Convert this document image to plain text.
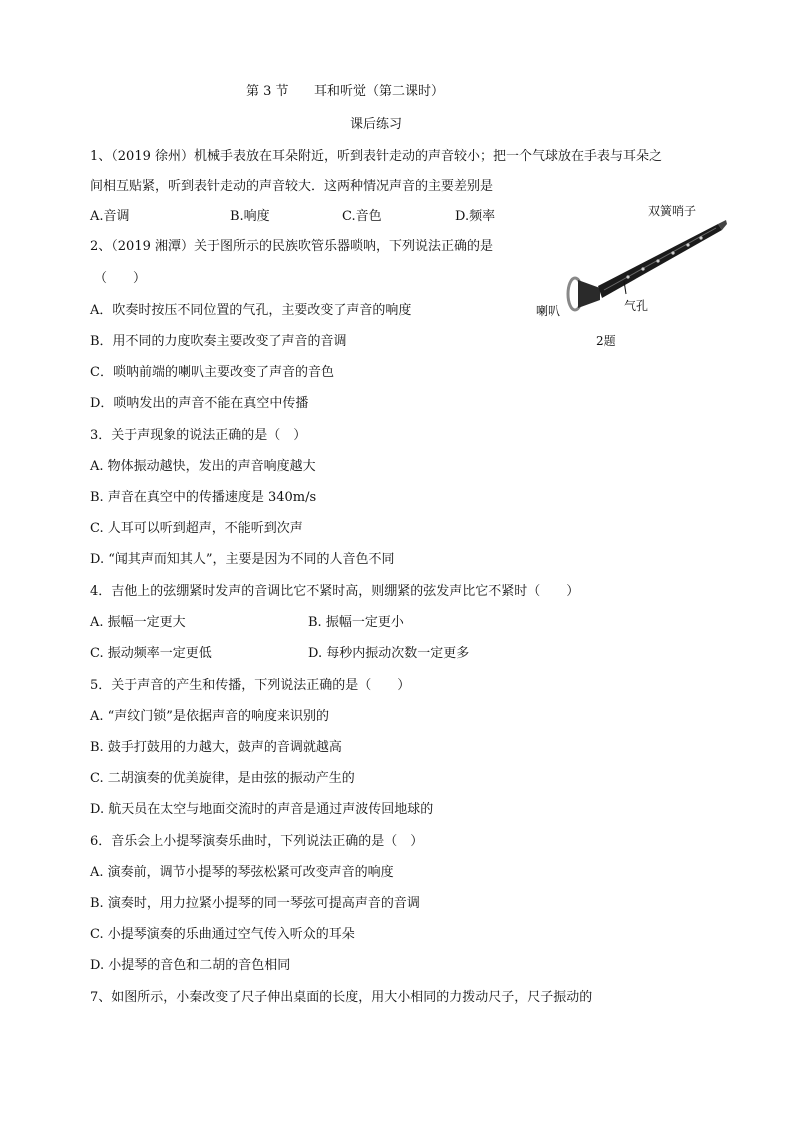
第 3 节 耳和听觉（第二课时）
课后练习
1、（2019 徐州）机械手表放在耳朵附近，听到表针走动的声音较小；把一个气球放在手表与耳朵之
间相互贴紧，听到表针走动的声音较大．这两种情况声音的主要差别是
A.音调	B.响度	C.音色	D.频率
2、（2019 湘潭）关于图所示的民族吹管乐器唢呐，下列说法正确的是
（　　）
A．吹奏时按压不同位置的气孔，主要改变了声音的响度
B．用不同的力度吹奏主要改变了声音的音调
C．唢呐前端的喇叭主要改变了声音的音色
D．唢呐发出的声音不能在真空中传播
双簧哨子
喇叭	气孔
2题
3．关于声现象的说法正确的是（　）
A. 物体振动越快，发出的声音响度越大
B. 声音在真空中的传播速度是 340m/s
C. 人耳可以听到超声，不能听到次声
D. “闻其声而知其人”，主要是因为不同的人音色不同
4．吉他上的弦绷紧时发声的音调比它不紧时高，则绷紧的弦发声比它不紧时（　　）
A. 振幅一定更大	B. 振幅一定更小
C. 振动频率一定更低	D. 每秒内振动次数一定更多
5．关于声音的产生和传播，下列说法正确的是（　　）
A. “声纹门锁”是依据声音的响度来识别的
B. 鼓手打鼓用的力越大，鼓声的音调就越高
C. 二胡演奏的优美旋律，是由弦的振动产生的
D. 航天员在太空与地面交流时的声音是通过声波传回地球的
6．音乐会上小提琴演奏乐曲时，下列说法正确的是（　）
A. 演奏前，调节小提琴的琴弦松紧可改变声音的响度
B. 演奏时，用力拉紧小提琴的同一琴弦可提高声音的音调
C. 小提琴演奏的乐曲通过空气传入听众的耳朵
D. 小提琴的音色和二胡的音色相同
7、如图所示，小秦改变了尺子伸出桌面的长度，用大小相同的力拨动尺子，尺子振动的
